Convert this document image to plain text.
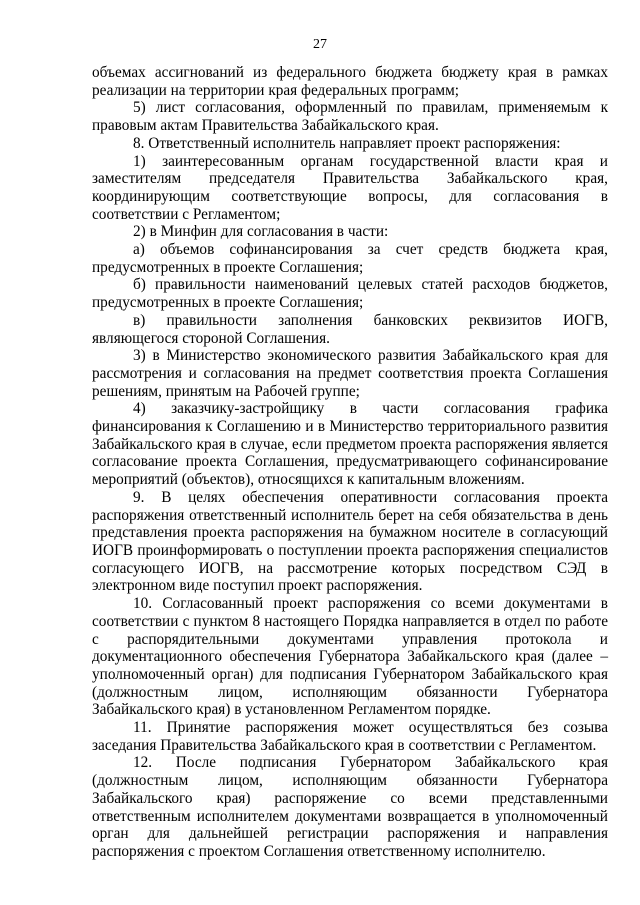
27

объемах ассигнований из федерального бюджета бюджету края в рамках реализации на территории края федеральных программ;

5) лист согласования, оформленный по правилам, применяемым к правовым актам Правительства Забайкальского края.

8. Ответственный исполнитель направляет проект распоряжения:

1) заинтересованным органам государственной власти края и заместителям председателя Правительства Забайкальского края, координирующим соответствующие вопросы, для согласования в соответствии с Регламентом;

2) в Минфин для согласования в части:

а) объемов софинансирования за счет средств бюджета края, предусмотренных в проекте Соглашения;

б) правильности наименований целевых статей расходов бюджетов, предусмотренных в проекте Соглашения;

в) правильности заполнения банковских реквизитов ИОГВ, являющегося стороной Соглашения.

3) в Министерство экономического развития Забайкальского края для рассмотрения и согласования на предмет соответствия проекта Соглашения решениям, принятым на Рабочей группе;

4) заказчику-застройщику в части согласования графика финансирования к Соглашению и в Министерство территориального развития Забайкальского края в случае, если предметом проекта распоряжения является согласование проекта Соглашения, предусматривающего софинансирование мероприятий (объектов), относящихся к капитальным вложениям.

9. В целях обеспечения оперативности согласования проекта распоряжения ответственный исполнитель берет на себя обязательства в день представления проекта распоряжения на бумажном носителе в согласующий ИОГВ проинформировать о поступлении проекта распоряжения специалистов согласующего ИОГВ, на рассмотрение которых посредством СЭД в электронном виде поступил проект распоряжения.

10. Согласованный проект распоряжения со всеми документами в соответствии с пунктом 8 настоящего Порядка направляется в отдел по работе с распорядительными документами управления протокола и документационного обеспечения Губернатора Забайкальского края (далее – уполномоченный орган) для подписания Губернатором Забайкальского края (должностным лицом, исполняющим обязанности Губернатора Забайкальского края) в установленном Регламентом порядке.

11. Принятие распоряжения может осуществляться без созыва заседания Правительства Забайкальского края в соответствии с Регламентом.

12. После подписания Губернатором Забайкальского края (должностным лицом, исполняющим обязанности Губернатора Забайкальского края) распоряжение со всеми представленными ответственным исполнителем документами возвращается в уполномоченный орган для дальнейшей регистрации распоряжения и направления распоряжения с проектом Соглашения ответственному исполнителю.
